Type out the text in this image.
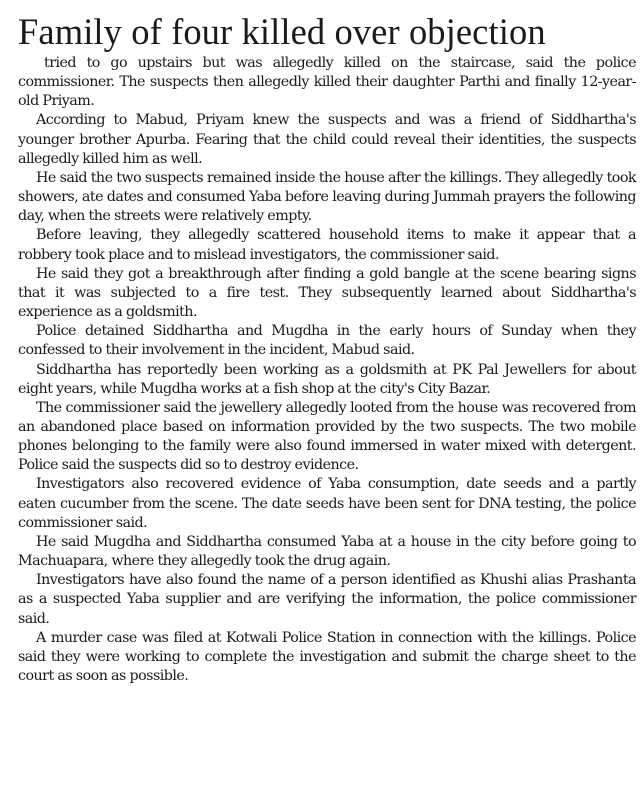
Family of four killed over objection

tried to go upstairs but was allegedly killed on the staircase, said the police commissioner. The suspects then allegedly killed their daughter Parthi and finally 12-year-old Priyam.

According to Mabud, Priyam knew the suspects and was a friend of Siddhartha's younger brother Apurba. Fearing that the child could reveal their identities, the suspects allegedly killed him as well.

He said the two suspects remained inside the house after the killings. They allegedly took showers, ate dates and consumed Yaba before leaving during Jummah prayers the following day, when the streets were relatively empty.

Before leaving, they allegedly scattered household items to make it appear that a robbery took place and to mislead investigators, the commissioner said.

He said they got a breakthrough after finding a gold bangle at the scene bearing signs that it was subjected to a fire test. They subsequently learned about Siddhartha's experience as a goldsmith.

Police detained Siddhartha and Mugdha in the early hours of Sunday when they confessed to their involvement in the incident, Mabud said.

Siddhartha has reportedly been working as a goldsmith at PK Pal Jewellers for about eight years, while Mugdha works at a fish shop at the city's City Bazar.

The commissioner said the jewellery allegedly looted from the house was recovered from an abandoned place based on information provided by the two suspects. The two mobile phones belonging to the family were also found immersed in water mixed with detergent. Police said the suspects did so to destroy evidence.

Investigators also recovered evidence of Yaba consumption, date seeds and a partly eaten cucumber from the scene. The date seeds have been sent for DNA testing, the police commissioner said.

He said Mugdha and Siddhartha consumed Yaba at a house in the city before going to Machuapara, where they allegedly took the drug again.

Investigators have also found the name of a person identified as Khushi alias Prashanta as a suspected Yaba supplier and are verifying the information, the police commissioner said.

A murder case was filed at Kotwali Police Station in connection with the killings. Police said they were working to complete the investigation and submit the charge sheet to the court as soon as possible.
